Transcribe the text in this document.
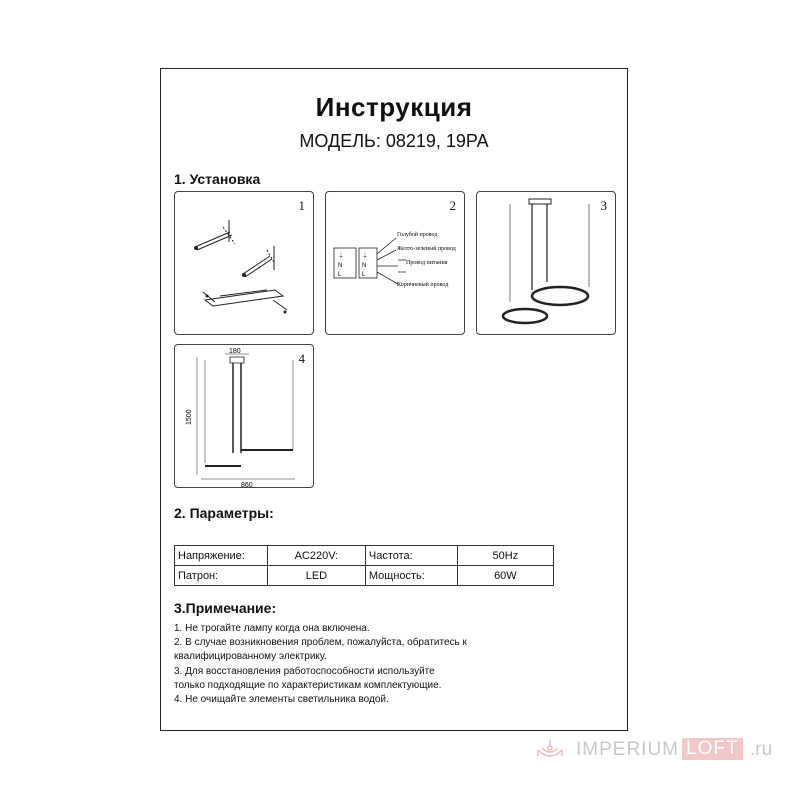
Инструкция
МОДЕЛЬ: 08219, 19PA
1. Установка
1	2
⏚
N
L
⏚
N
L
Голубой провод
Желто-зеленый провод
Провод питания
Коричневый провод
3
4
180
1500
860
2. Параметры:
Напряжение:	AC220V:	Частота:	50Hz
Патрон:	LED	Мощность:	60W
3.Примечание:
1. Не трогайте лампу когда она включена.
2. В случае возникновения проблем, пожалуйста, обратитесь к
квалифицированному электрику.
3. Для восстановления работоспособности используйте
только подходящие по характеристикам комплектующие.
4. Не очищайте элементы светильника водой.
IMPERIUM LOFT .ru
